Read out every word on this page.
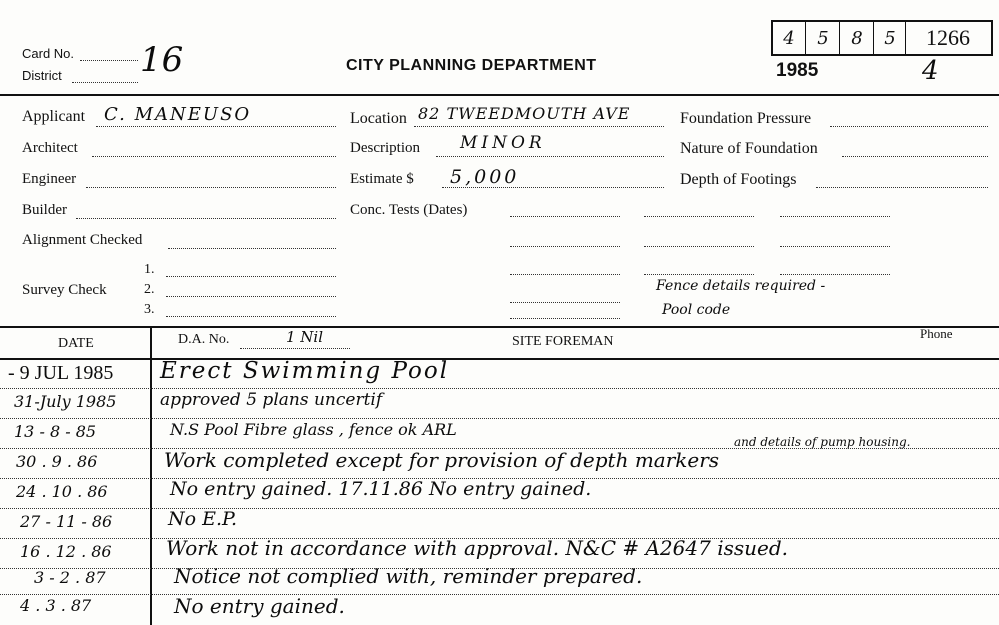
Card No.
District 16	CITY PLANNING DEPARTMENT
4	5	8	5	1266
1985	4
Applicant C. MANEUSO
Architect
Engineer
Builder
Alignment Checked
1.
Survey Check	2.
3.
Location 82 TWEEDMOUTH AVE
Description MINOR
Estimate $ 5,000
Conc. Tests (Dates)
Foundation Pressure
Nature of Foundation
Depth of Footings
Fence details required -
Pool code
DATE	D.A. No.	1 Nil	SITE FOREMAN
Phone
- 9 JUL 1985 Erect Swimming Pool
31-July 1985	approved 5 plans uncertif
13 - 8 - 85	N.S Pool Fibre glass , fence ok ARL
and details of pump housing.
30 . 9 . 86	Work completed except for provision of depth markers
24 . 10 . 86	No entry gained. 17.11.86 No entry gained.
27 - 11 - 86	No E.P.
16 . 12 . 86	Work not in accordance with approval. N&C # A2647 issued.
3 - 2 . 87	Notice not complied with, reminder prepared.
4 . 3 . 87	No entry gained.
